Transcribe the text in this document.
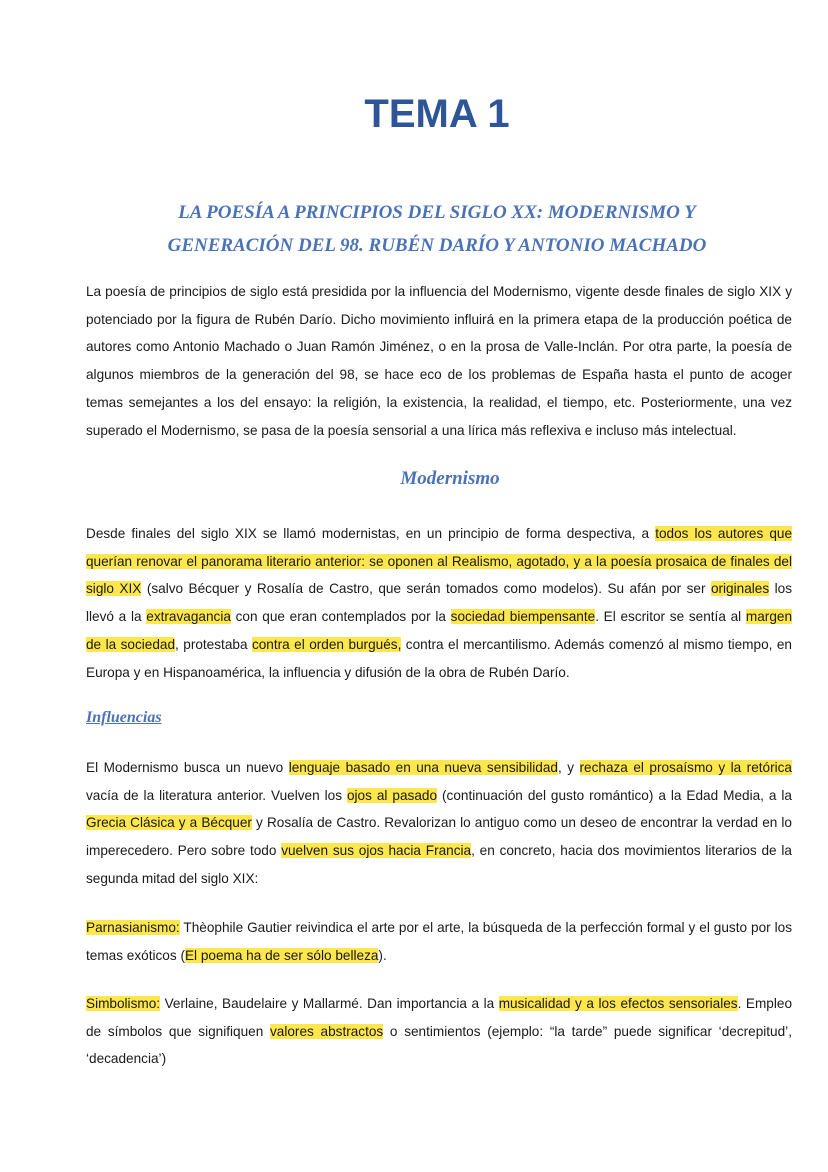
TEMA 1
LA POESÍA A PRINCIPIOS DEL SIGLO XX: MODERNISMO Y
GENERACIÓN DEL 98. RUBÉN DARÍO Y ANTONIO MACHADO
La poesía de principios de siglo está presidida por la influencia del Modernismo, vigente desde finales de siglo XIX y potenciado por la figura de Rubén Darío. Dicho movimiento influirá en la primera etapa de la producción poética de autores como Antonio Machado o Juan Ramón Jiménez, o en la prosa de Valle-Inclán. Por otra parte, la poesía de algunos miembros de la generación del 98, se hace eco de los problemas de España hasta el punto de acoger temas semejantes a los del ensayo: la religión, la existencia, la realidad, el tiempo, etc. Posteriormente, una vez superado el Modernismo, se pasa de la poesía sensorial a una lírica más reflexiva e incluso más intelectual.
Modernismo
Desde finales del siglo XIX se llamó modernistas, en un principio de forma despectiva, a todos los autores que querían renovar el panorama literario anterior: se oponen al Realismo, agotado, y a la poesía prosaica de finales del siglo XIX (salvo Bécquer y Rosalía de Castro, que serán tomados como modelos). Su afán por ser originales los llevó a la extravagancia con que eran contemplados por la sociedad biempensante. El escritor se sentía al margen de la sociedad, protestaba contra el orden burgués, contra el mercantilismo. Además comenzó al mismo tiempo, en Europa y en Hispanoamérica, la influencia y difusión de la obra de Rubén Darío.
Influencias
El Modernismo busca un nuevo lenguaje basado en una nueva sensibilidad, y rechaza el prosaísmo y la retórica vacía de la literatura anterior. Vuelven los ojos al pasado (continuación del gusto romántico) a la Edad Media, a la Grecia Clásica y a Bécquer y Rosalía de Castro. Revalorizan lo antiguo como un deseo de encontrar la verdad en lo imperecedero. Pero sobre todo vuelven sus ojos hacia Francia, en concreto, hacia dos movimientos literarios de la segunda mitad del siglo XIX:
Parnasianismo: Thèophile Gautier reivindica el arte por el arte, la búsqueda de la perfección formal y el gusto por los temas exóticos (El poema ha de ser sólo belleza).
Simbolismo: Verlaine, Baudelaire y Mallarmé. Dan importancia a la musicalidad y a los efectos sensoriales. Empleo de símbolos que signifiquen valores abstractos o sentimientos (ejemplo: “la tarde” puede significar ‘decrepitud’, ‘decadencia’)
